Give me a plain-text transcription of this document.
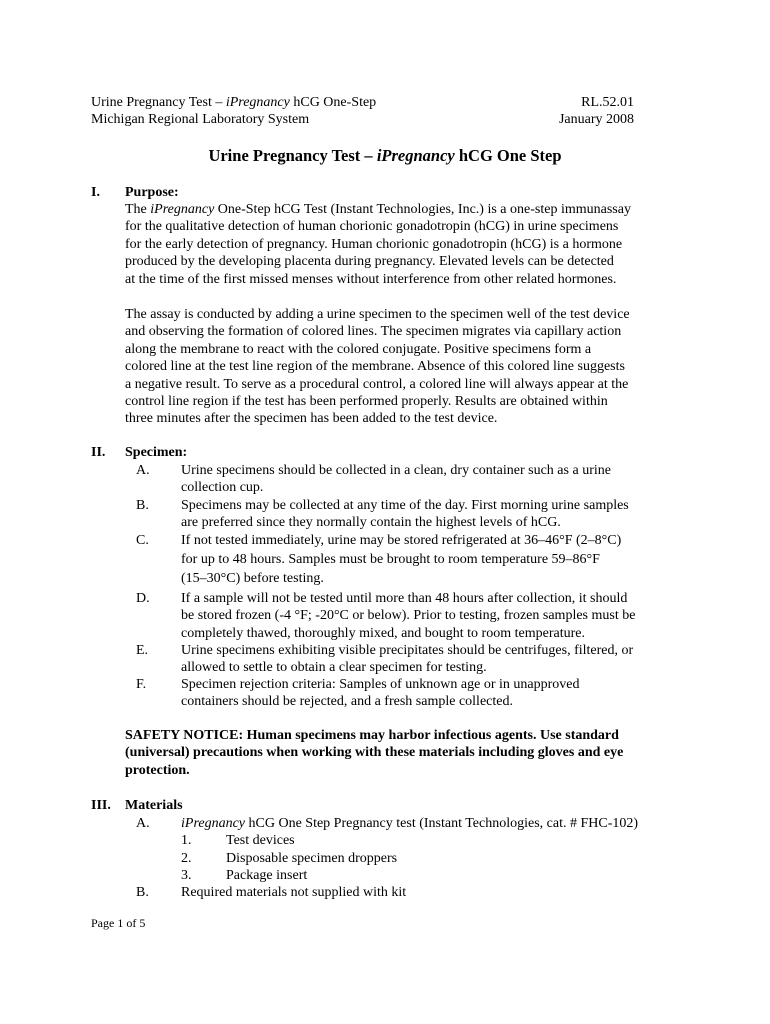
Urine Pregnancy Test – iPregnancy hCG One-Step	RL.52.01
Michigan Regional Laboratory System	January 2008
Urine Pregnancy Test – iPregnancy hCG One Step
I. Purpose:
The iPregnancy One-Step hCG Test (Instant Technologies, Inc.) is a one-step immunassay
for the qualitative detection of human chorionic gonadotropin (hCG) in urine specimens
for the early detection of pregnancy. Human chorionic gonadotropin (hCG) is a hormone
produced by the developing placenta during pregnancy. Elevated levels can be detected
at the time of the first missed menses without interference from other related hormones.
The assay is conducted by adding a urine specimen to the specimen well of the test device
and observing the formation of colored lines. The specimen migrates via capillary action
along the membrane to react with the colored conjugate. Positive specimens form a
colored line at the test line region of the membrane. Absence of this colored line suggests
a negative result. To serve as a procedural control, a colored line will always appear at the
control line region if the test has been performed properly. Results are obtained within
three minutes after the specimen has been added to the test device.
II. Specimen:
A. Urine specimens should be collected in a clean, dry container such as a urine
collection cup.
B. Specimens may be collected at any time of the day. First morning urine samples
are preferred since they normally contain the highest levels of hCG.
C. If not tested immediately, urine may be stored refrigerated at 36–46°F (2–8°C)
for up to 48 hours. Samples must be brought to room temperature 59–86°F
(15–30°C) before testing.
D. If a sample will not be tested until more than 48 hours after collection, it should
be stored frozen (-4 °F; -20°C or below). Prior to testing, frozen samples must be
completely thawed, thoroughly mixed, and bought to room temperature.
E. Urine specimens exhibiting visible precipitates should be centrifuges, filtered, or
allowed to settle to obtain a clear specimen for testing.
F. Specimen rejection criteria: Samples of unknown age or in unapproved
containers should be rejected, and a fresh sample collected.
SAFETY NOTICE: Human specimens may harbor infectious agents. Use standard
(universal) precautions when working with these materials including gloves and eye
protection.
III. Materials
A. iPregnancy hCG One Step Pregnancy test (Instant Technologies, cat. # FHC-102)
1. Test devices
2. Disposable specimen droppers
3. Package insert
B. Required materials not supplied with kit
Page 1 of 5
